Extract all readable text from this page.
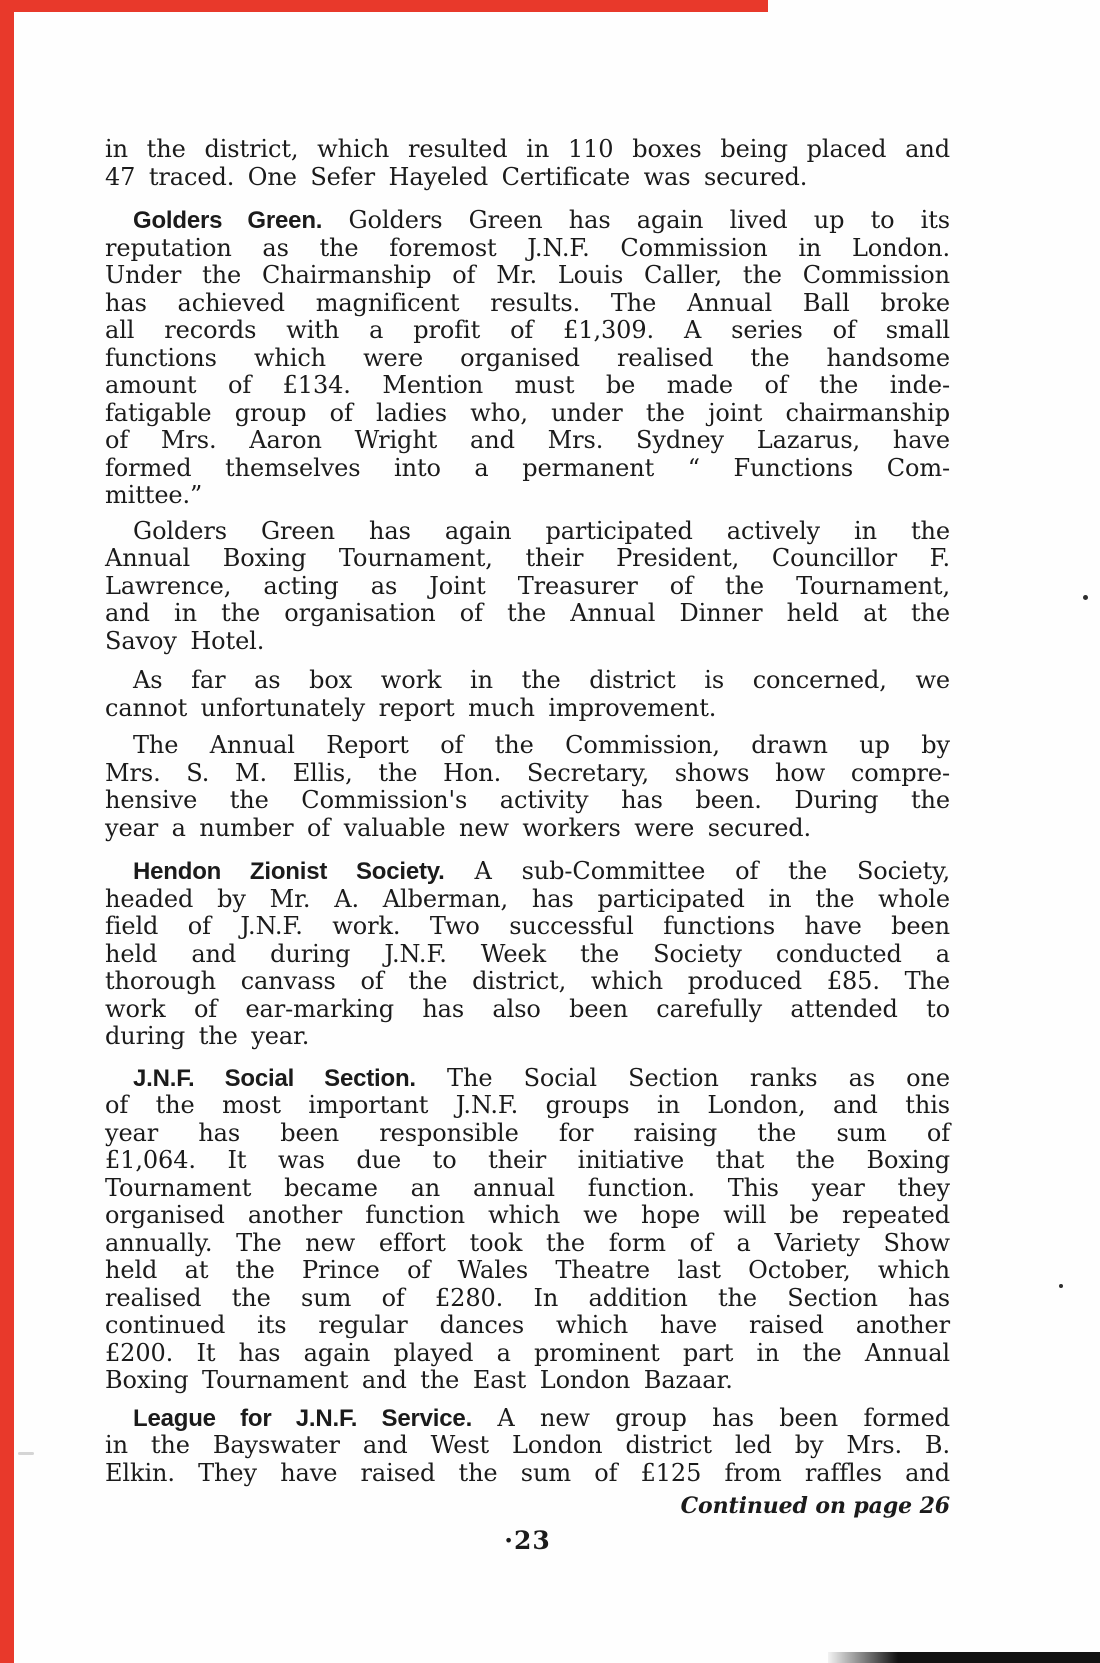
in the district, which resulted in 110 boxes being placed and
47 traced. One Sefer Hayeled Certificate was secured.
Golders Green. Golders Green has again lived up to its
reputation as the foremost J.N.F. Commission in London.
Under the Chairmanship of Mr. Louis Caller, the Commission
has achieved magnificent results. The Annual Ball broke
all records with a profit of £1,309. A series of small
functions which were organised realised the handsome
amount of £134. Mention must be made of the inde-
fatigable group of ladies who, under the joint chairmanship
of Mrs. Aaron Wright and Mrs. Sydney Lazarus, have
formed themselves into a permanent “ Functions Com-
mittee.”
Golders Green has again participated actively in the
Annual Boxing Tournament, their President, Councillor F.
Lawrence, acting as Joint Treasurer of the Tournament,
and in the organisation of the Annual Dinner held at the
Savoy Hotel.
As far as box work in the district is concerned, we
cannot unfortunately report much improvement.
The Annual Report of the Commission, drawn up by
Mrs. S. M. Ellis, the Hon. Secretary, shows how compre-
hensive the Commission's activity has been. During the
year a number of valuable new workers were secured.
Hendon Zionist Society. A sub-Committee of the Society,
headed by Mr. A. Alberman, has participated in the whole
field of J.N.F. work. Two successful functions have been
held and during J.N.F. Week the Society conducted a
thorough canvass of the district, which produced £85. The
work of ear-marking has also been carefully attended to
during the year.
J.N.F. Social Section. The Social Section ranks as one
of the most important J.N.F. groups in London, and this
year has been responsible for raising the sum of
£1,064. It was due to their initiative that the Boxing
Tournament became an annual function. This year they
organised another function which we hope will be repeated
annually. The new effort took the form of a Variety Show
held at the Prince of Wales Theatre last October, which
realised the sum of £280. In addition the Section has
continued its regular dances which have raised another
£200. It has again played a prominent part in the Annual
Boxing Tournament and the East London Bazaar.
League for J.N.F. Service. A new group has been formed
in the Bayswater and West London district led by Mrs. B.
Elkin. They have raised the sum of £125 from raffles and
Continued on page 26
·23
